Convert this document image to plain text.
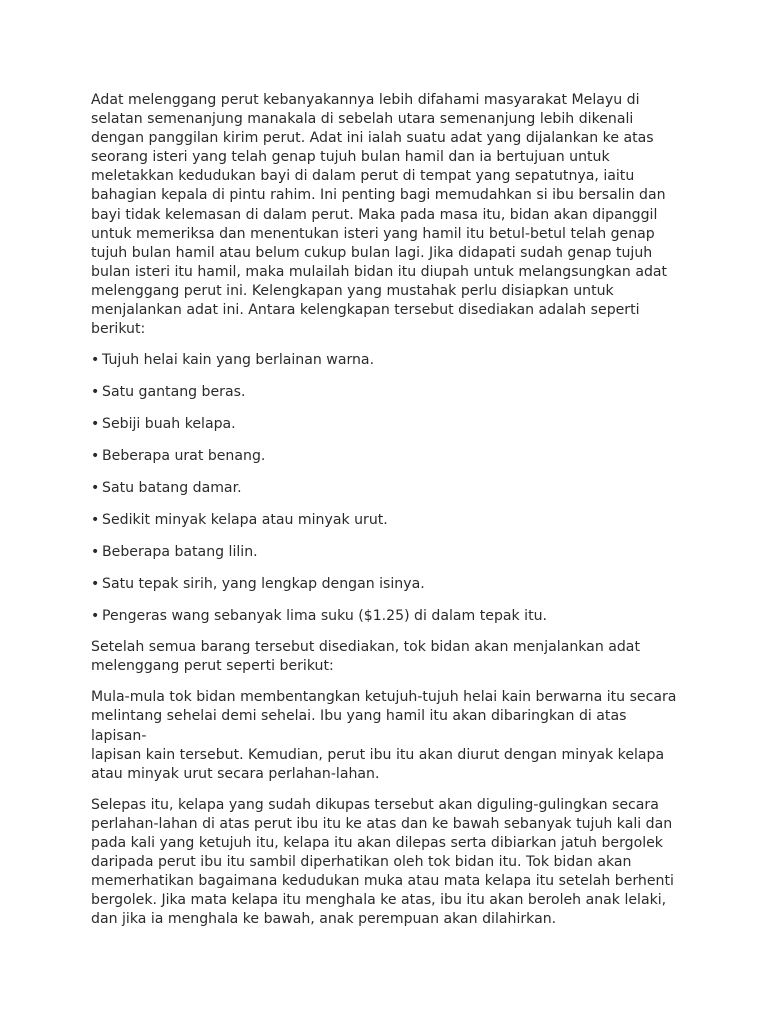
Adat melenggang perut kebanyakannya lebih difahami masyarakat Melayu di
selatan semenanjung manakala di sebelah utara semenanjung lebih dikenali
dengan panggilan kirim perut. Adat ini ialah suatu adat yang dijalankan ke atas
seorang isteri yang telah genap tujuh bulan hamil dan ia bertujuan untuk
meletakkan kedudukan bayi di dalam perut di tempat yang sepatutnya, iaitu
bahagian kepala di pintu rahim. Ini penting bagi memudahkan si ibu bersalin dan
bayi tidak kelemasan di dalam perut. Maka pada masa itu, bidan akan dipanggil
untuk memeriksa dan menentukan isteri yang hamil itu betul-betul telah genap
tujuh bulan hamil atau belum cukup bulan lagi. Jika didapati sudah genap tujuh
bulan isteri itu hamil, maka mulailah bidan itu diupah untuk melangsungkan adat
melenggang perut ini. Kelengkapan yang mustahak perlu disiapkan untuk
menjalankan adat ini. Antara kelengkapan tersebut disediakan adalah seperti
berikut:

• Tujuh helai kain yang berlainan warna.
• Satu gantang beras.
• Sebiji buah kelapa.
• Beberapa urat benang.
• Satu batang damar.
• Sedikit minyak kelapa atau minyak urut.
• Beberapa batang lilin.
• Satu tepak sirih, yang lengkap dengan isinya.
• Pengeras wang sebanyak lima suku ($1.25) di dalam tepak itu.

Setelah semua barang tersebut disediakan, tok bidan akan menjalankan adat
melenggang perut seperti berikut:

Mula-mula tok bidan membentangkan ketujuh-tujuh helai kain berwarna itu secara
melintang sehelai demi sehelai. Ibu yang hamil itu akan dibaringkan di atas lapisan-
lapisan kain tersebut. Kemudian, perut ibu itu akan diurut dengan minyak kelapa
atau minyak urut secara perlahan-lahan.

Selepas itu, kelapa yang sudah dikupas tersebut akan diguling-gulingkan secara
perlahan-lahan di atas perut ibu itu ke atas dan ke bawah sebanyak tujuh kali dan
pada kali yang ketujuh itu, kelapa itu akan dilepas serta dibiarkan jatuh bergolek
daripada perut ibu itu sambil diperhatikan oleh tok bidan itu. Tok bidan akan
memerhatikan bagaimana kedudukan muka atau mata kelapa itu setelah berhenti
bergolek. Jika mata kelapa itu menghala ke atas, ibu itu akan beroleh anak lelaki,
dan jika ia menghala ke bawah, anak perempuan akan dilahirkan.
